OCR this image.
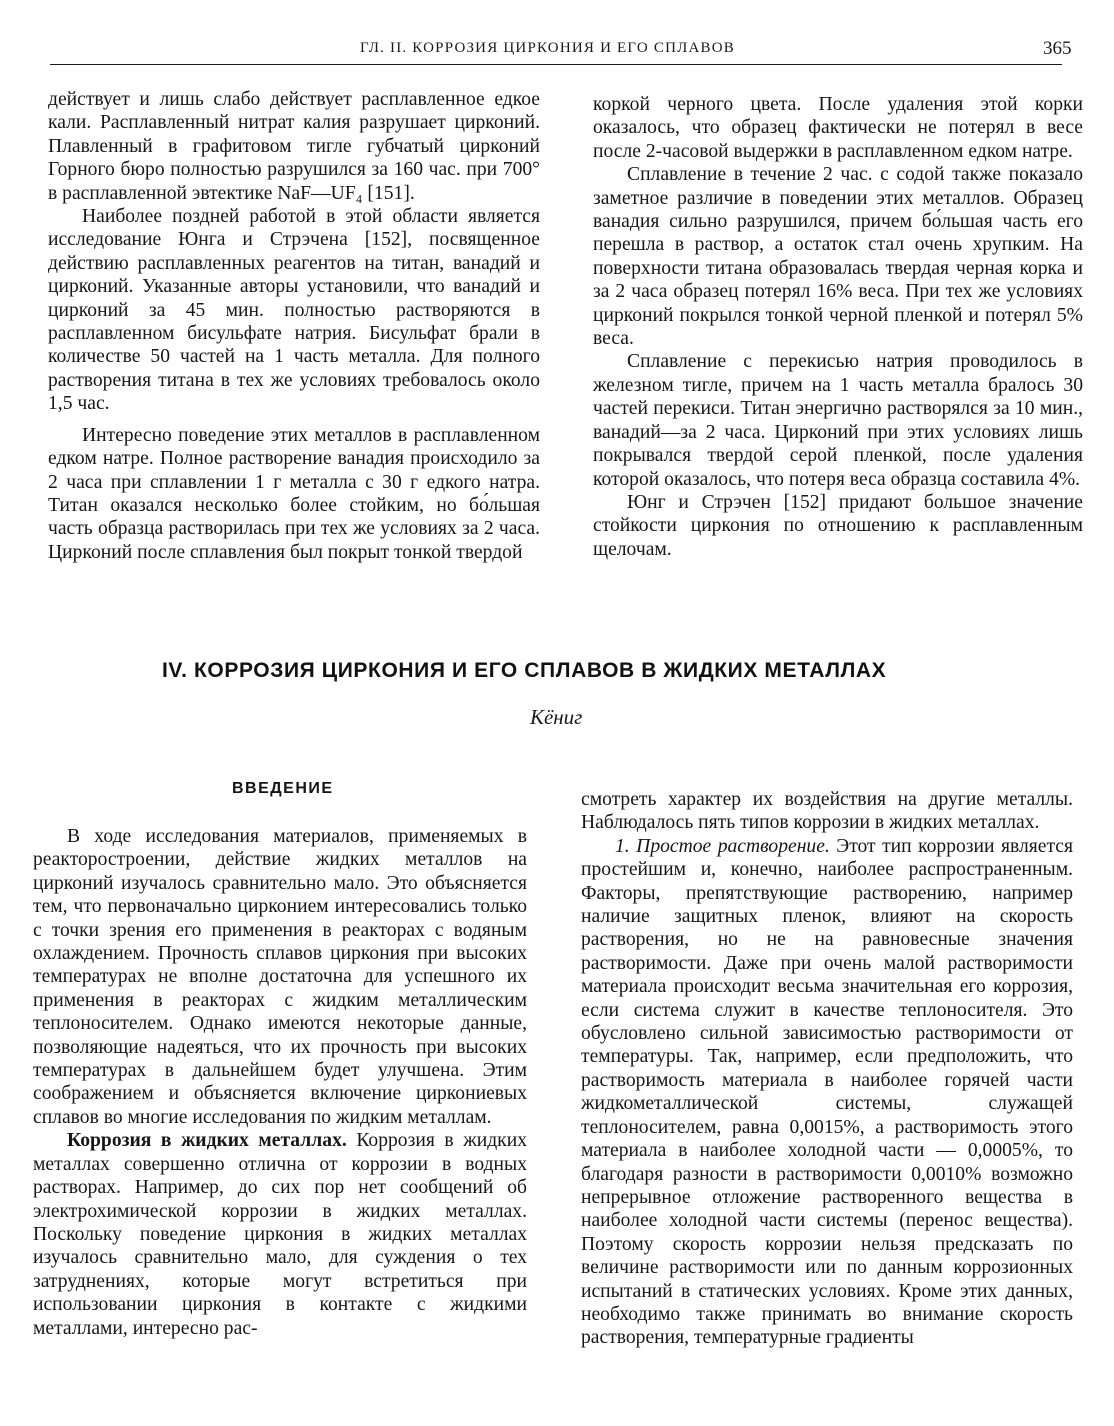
ГЛ. II. КОРРОЗИЯ ЦИРКОНИЯ И ЕГО СПЛАВОВ	365

действует и лишь слабо действует расплавленное едкое кали. Расплавленный нитрат калия разрушает цирконий. Плавленный в графитовом тигле губчатый цирконий Горного бюро полностью разрушился за 160 час. при 700° в расплавленной эвтектике NaF—UF₄ [151].

Наиболее поздней работой в этой области является исследование Юнга и Стрэчена [152], посвященное действию расплавленных реагентов на титан, ванадий и цирконий. Указанные авторы установили, что ванадий и цирконий за 45 мин. полностью растворяются в расплавленном бисульфате натрия. Бисульфат брали в количестве 50 частей на 1 часть металла. Для полного растворения титана в тех же условиях требовалось около 1,5 час.

Интересно поведение этих металлов в расплавленном едком натре. Полное растворение ванадия происходило за 2 часа при сплавлении 1 г металла с 30 г едкого натра. Титан оказался несколько более стойким, но бо́льшая часть образца растворилась при тех же условиях за 2 часа. Цирконий после сплавления был покрыт тонкой твердой

коркой черного цвета. После удаления этой корки оказалось, что образец фактически не потерял в весе после 2-часовой выдержки в расплавленном едком натре.

Сплавление в течение 2 час. с содой также показало заметное различие в поведении этих металлов. Образец ванадия сильно разрушился, причем бо́льшая часть его перешла в раствор, а остаток стал очень хрупким. На поверхности титана образовалась твердая черная корка и за 2 часа образец потерял 16% веса. При тех же условиях цирконий покрылся тонкой черной пленкой и потерял 5% веса.

Сплавление с перекисью натрия проводилось в железном тигле, причем на 1 часть металла бралось 30 частей перекиси. Титан энергично растворялся за 10 мин., ванадий—за 2 часа. Цирконий при этих условиях лишь покрывался твердой серой пленкой, после удаления которой оказалось, что потеря веса образца составила 4%.

Юнг и Стрэчен [152] придают большое значение стойкости циркония по отношению к расплавленным щелочам.

IV. КОРРОЗИЯ ЦИРКОНИЯ И ЕГО СПЛАВОВ В ЖИДКИХ МЕТАЛЛАХ
Кёниг
ВВЕДЕНИЕ

В ходе исследования материалов, применяемых в реакторостроении, действие жидких металлов на цирконий изучалось сравнительно мало. Это объясняется тем, что первоначально цирконием интересовались только с точки зрения его применения в реакторах с водяным охлаждением. Прочность сплавов циркония при высоких температурах не вполне достаточна для успешного их применения в реакторах с жидким металлическим теплоносителем. Однако имеются некоторые данные, позволяющие надеяться, что их прочность при высоких температурах в дальнейшем будет улучшена. Этим соображением и объясняется включение циркониевых сплавов во многие исследования по жидким металлам.

Коррозия в жидких металлах. Коррозия в жидких металлах совершенно отлична от коррозии в водных растворах. Например, до сих пор нет сообщений об электрохимической коррозии в жидких металлах. Поскольку поведение циркония в жидких металлах изучалось сравнительно мало, для суждения о тех затруднениях, которые могут встретиться при использовании циркония в контакте с жидкими металлами, интересно рас-

смотреть характер их воздействия на другие металлы. Наблюдалось пять типов коррозии в жидких металлах.

1. Простое растворение. Этот тип коррозии является простейшим и, конечно, наиболее распространенным. Факторы, препятствующие растворению, например наличие защитных пленок, влияют на скорость растворения, но не на равновесные значения растворимости. Даже при очень малой растворимости материала происходит весьма значительная его коррозия, если система служит в качестве теплоносителя. Это обусловлено сильной зависимостью растворимости от температуры. Так, например, если предположить, что растворимость материала в наиболее горячей части жидкометаллической системы, служащей теплоносителем, равна 0,0015%, а растворимость этого материала в наиболее холодной части — 0,0005%, то благодаря разности в растворимости 0,0010% возможно непрерывное отложение растворенного вещества в наиболее холодной части системы (перенос вещества). Поэтому скорость коррозии нельзя предсказать по величине растворимости или по данным коррозионных испытаний в статических условиях. Кроме этих данных, необходимо также принимать во внимание скорость растворения, температурные градиенты
